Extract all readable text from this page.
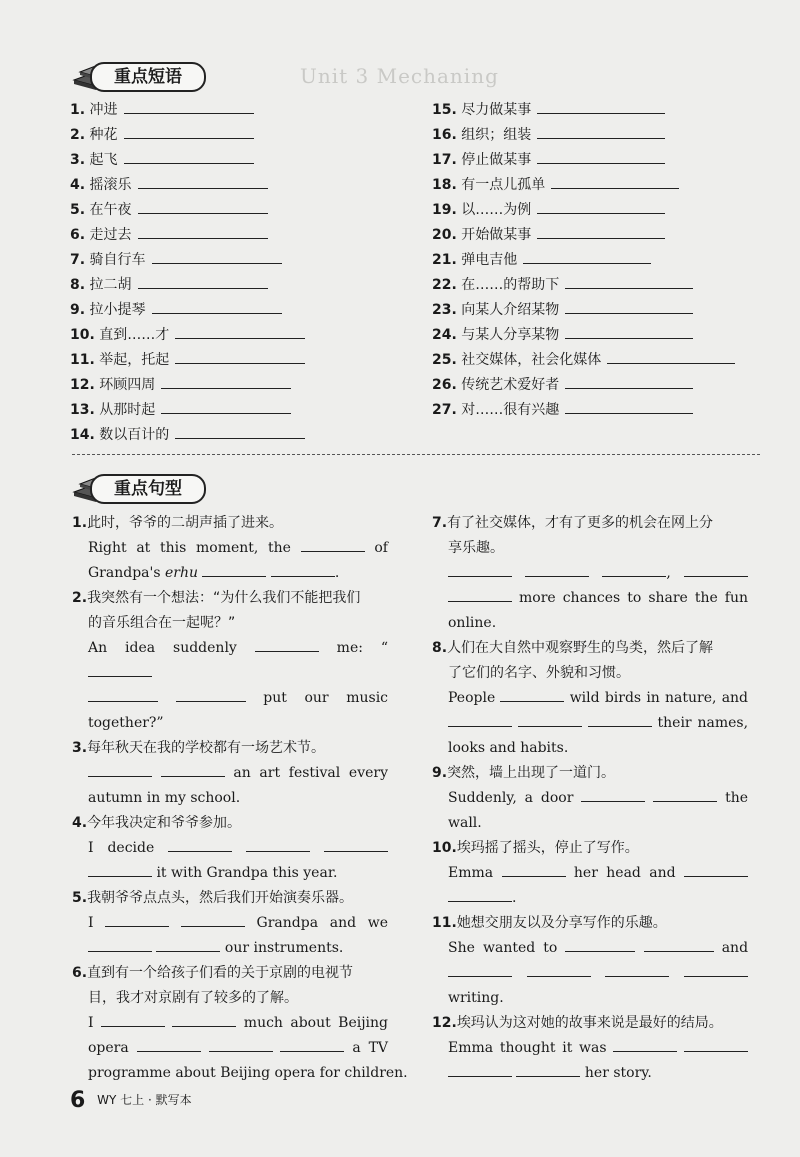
Unit 3 Mechaning
重点短语
1. 冲进
2. 种花
3. 起飞
4. 摇滚乐
5. 在午夜
6. 走过去
7. 骑自行车
8. 拉二胡
9. 拉小提琴
10. 直到……才
11. 举起，托起
12. 环顾四周
13. 从那时起
14. 数以百计的
15. 尽力做某事
16. 组织；组装
17. 停止做某事
18. 有一点儿孤单
19. 以……为例
20. 开始做某事
21. 弹电吉他
22. 在……的帮助下
23. 向某人介绍某物
24. 与某人分享某物
25. 社交媒体，社会化媒体
26. 传统艺术爱好者
27. 对……很有兴趣
重点句型
1.此时，爷爷的二胡声插了进来。
Right at this moment, the	of
Grandpa's erhu	.
2.我突然有一个想法：“为什么我们不能把我们
的音乐组合在一起呢？”
An idea suddenly	me: “
put our music
together?”
3.每年秋天在我的学校都有一场艺术节。
an art festival every
autumn in my school.
4.今年我决定和爷爷参加。
I decide
it with Grandpa this year.
5.我朝爷爷点点头，然后我们开始演奏乐器。
I	Grandpa and we
our instruments.
6.直到有一个给孩子们看的关于京剧的电视节
目，我才对京剧有了较多的了解。
I	much about Beijing
opera	a TV
programme about Beijing opera for children.
7.有了社交媒体，才有了更多的机会在网上分
享乐趣。
,
more chances to share the fun
online.
8.人们在大自然中观察野生的鸟类，然后了解
了它们的名字、外貌和习惯。
People	wild birds in nature, and
their names,
looks and habits.
9.突然，墙上出现了一道门。
Suddenly, a door	the
wall.
10.埃玛摇了摇头，停止了写作。
Emma	her head and
.
11.她想交朋友以及分享写作的乐趣。
She wanted to	and

writing.
12.埃玛认为这对她的故事来说是最好的结局。
Emma thought it was
her story.
6 WY 七上 · 默写本
